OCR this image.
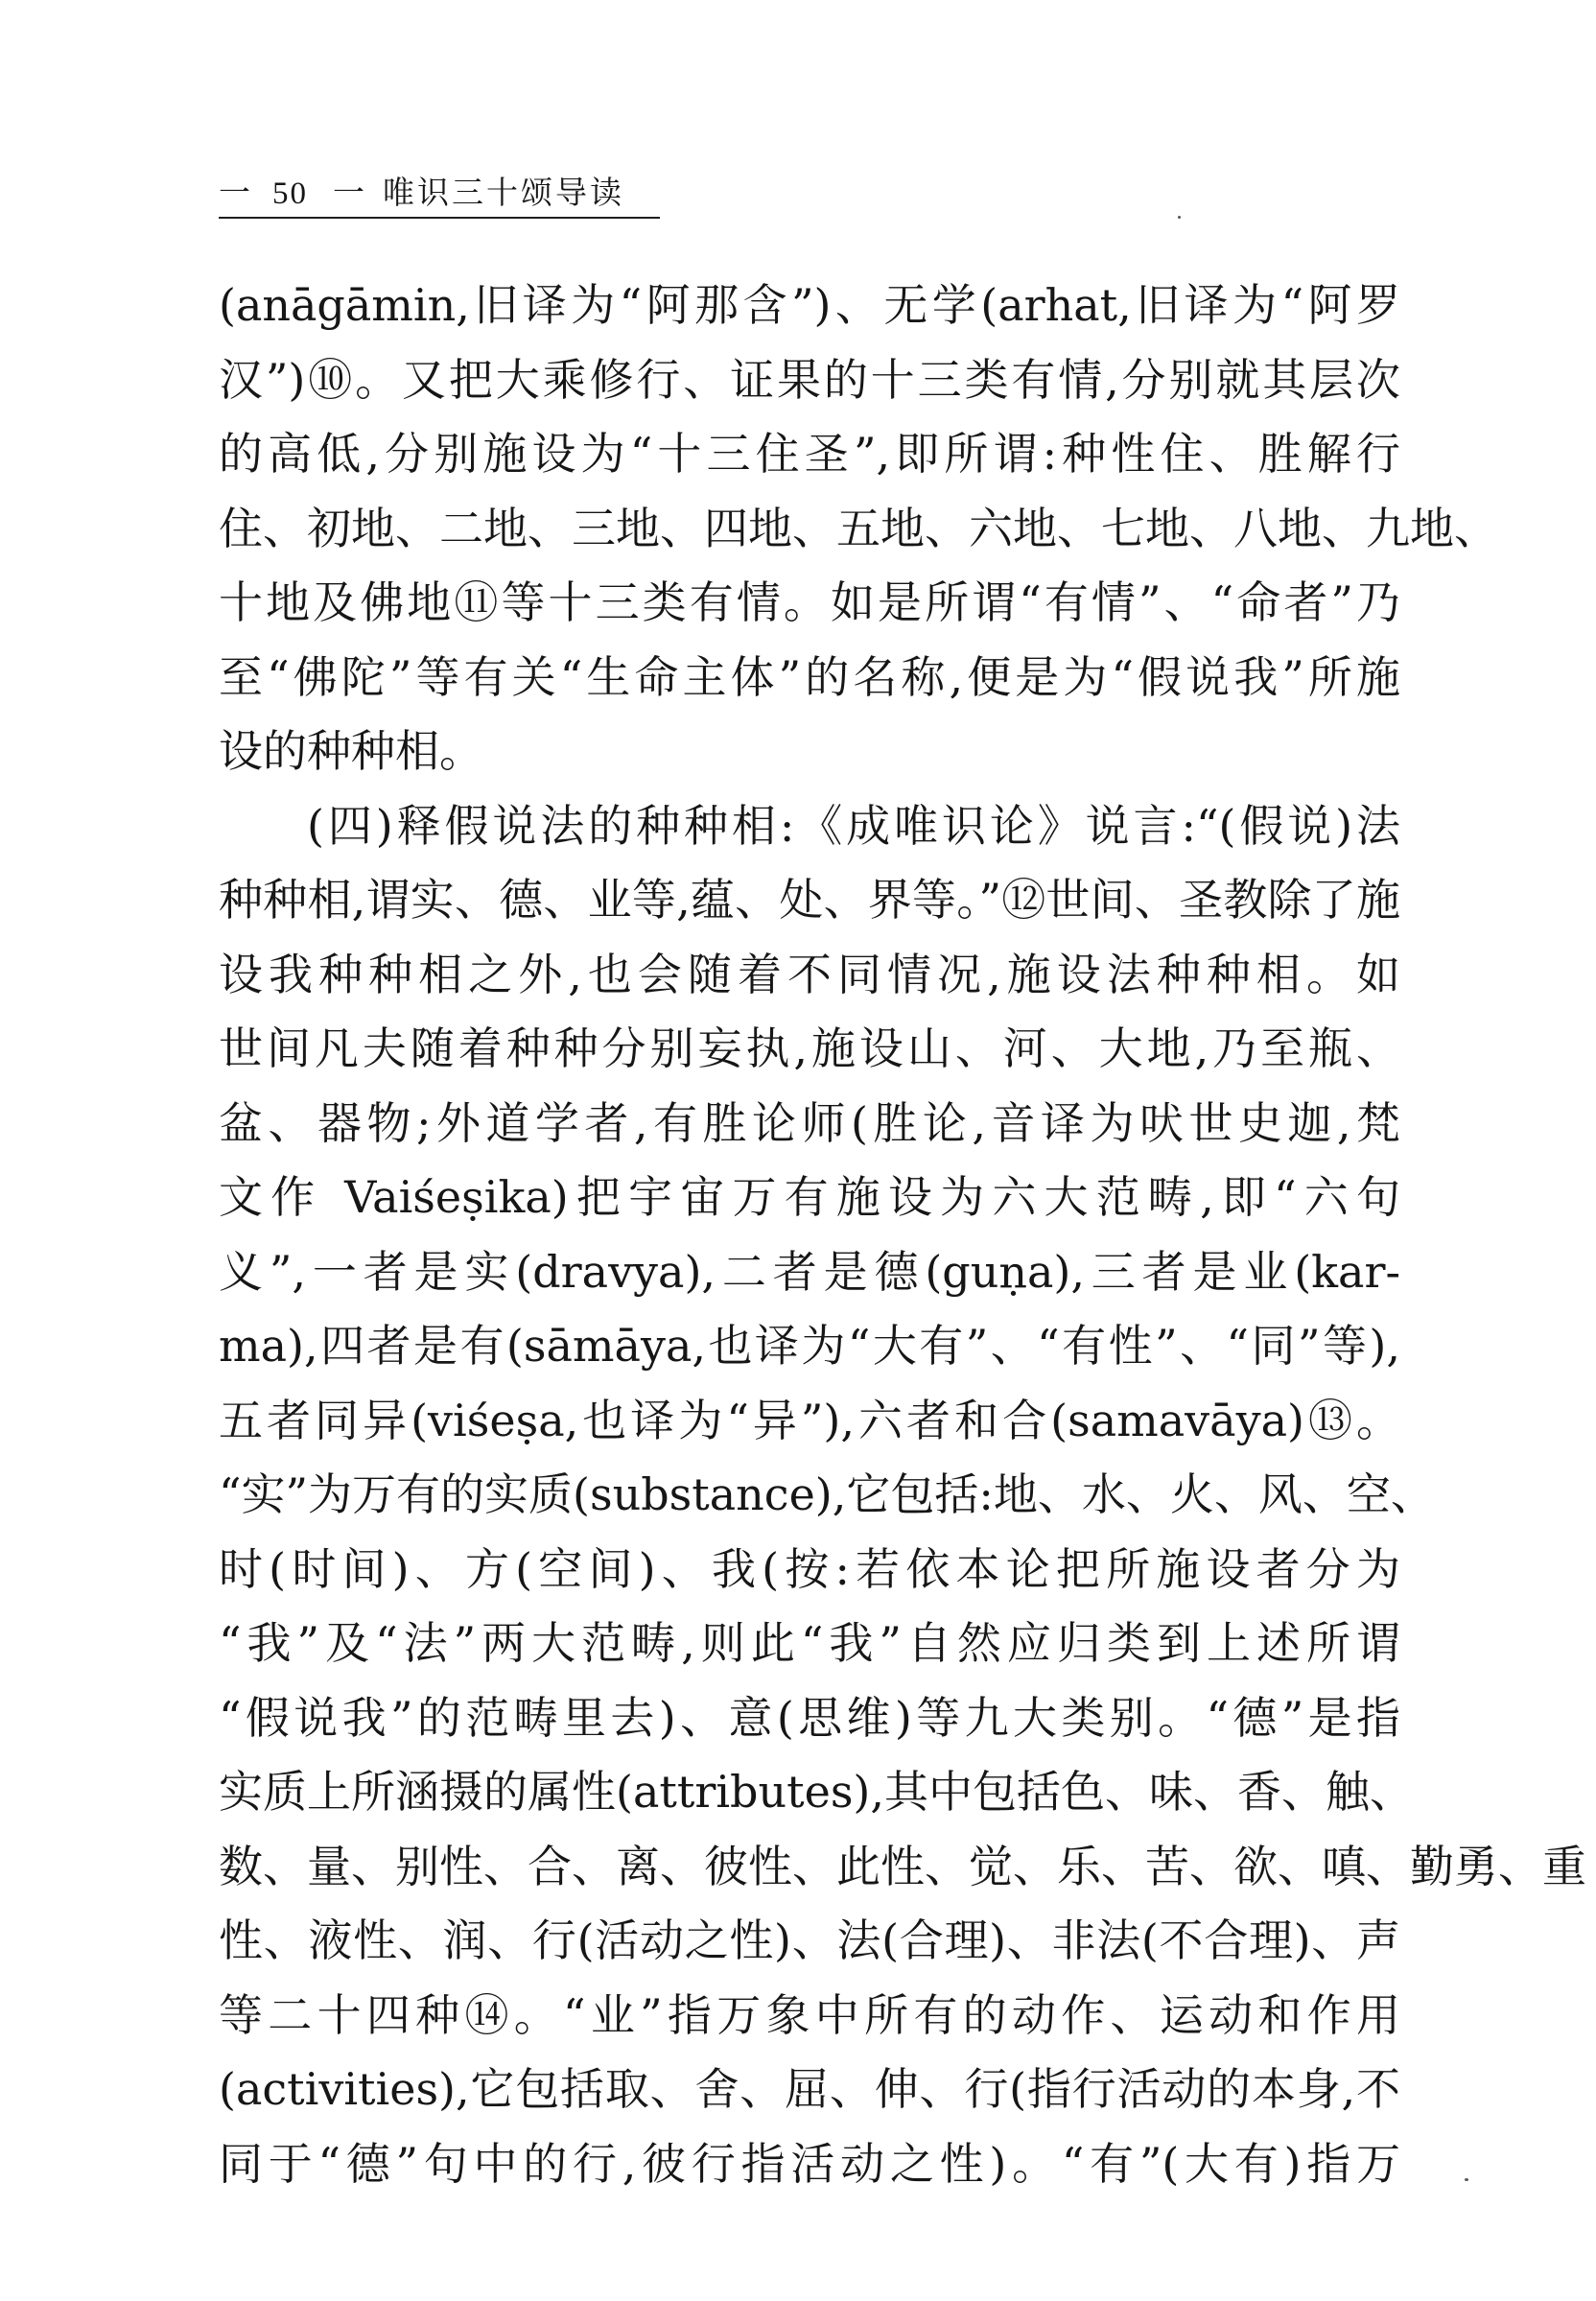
一 50 一 唯识三十颂导读
(anāgāmin,旧译为“阿那含”)、无学(arhat,旧译为“阿罗
汉”)⑩。又把大乘修行、证果的十三类有情,分别就其层次
的高低,分别施设为“十三住圣”,即所谓:种性住、胜解行
住、初地、二地、三地、四地、五地、六地、七地、八地、九地、
十地及佛地⑪等十三类有情。如是所谓“有情”、“命者”乃
至“佛陀”等有关“生命主体”的名称,便是为“假说我”所施
设的种种相。
(四)释假说法的种种相:《成唯识论》说言:“(假说)法
种种相,谓实、德、业等,蕴、处、界等。”⑫世间、圣教除了施
设我种种相之外,也会随着不同情况,施设法种种相。如
世间凡夫随着种种分别妄执,施设山、河、大地,乃至瓶、
盆、器物;外道学者,有胜论师(胜论,音译为吠世史迦,梵
文作 Vaiśeṣika)把宇宙万有施设为六大范畴,即“六句
义”,一者是实(dravya),二者是德(guṇa),三者是业(kar-
ma),四者是有(sāmāya,也译为“大有”、“有性”、“同”等),
五者同异(viśeṣa,也译为“异”),六者和合(samavāya)⑬。
“实”为万有的实质(substance),它包括:地、水、火、风、空、
时(时间)、方(空间)、我(按:若依本论把所施设者分为
“我”及“法”两大范畴,则此“我”自然应归类到上述所谓
“假说我”的范畴里去)、意(思维)等九大类别。“德”是指
实质上所涵摄的属性(attributes),其中包括色、味、香、触、
数、量、别性、合、离、彼性、此性、觉、乐、苦、欲、嗔、勤勇、重
性、液性、润、行(活动之性)、法(合理)、非法(不合理)、声
等二十四种⑭。“业”指万象中所有的动作、运动和作用
(activities),它包括取、舍、屈、伸、行(指行活动的本身,不
同于“德”句中的行,彼行指活动之性)。“有”(大有)指万
